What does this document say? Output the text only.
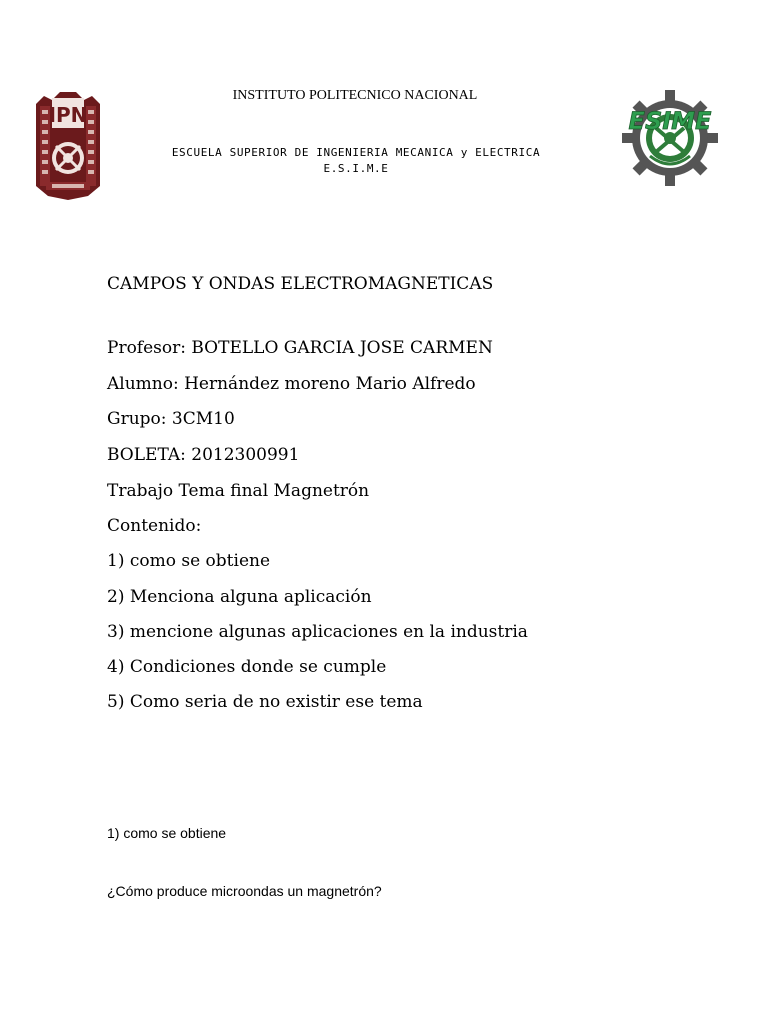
IPN	ESIME
INSTITUTO POLITECNICO NACIONAL
ESCUELA SUPERIOR DE INGENIERIA MECANICA y ELECTRICA
E.S.I.M.E
CAMPOS Y ONDAS ELECTROMAGNETICAS
Profesor: BOTELLO GARCIA JOSE CARMEN
Alumno: Hernández moreno Mario Alfredo
Grupo: 3CM10
BOLETA: 2012300991
Trabajo Tema final Magnetrón
Contenido:
1) como se obtiene
2) Menciona alguna aplicación
3) mencione algunas aplicaciones en la industria
4) Condiciones donde se cumple
5) Como seria de no existir ese tema
1) como se obtiene
¿Cómo produce microondas un magnetrón?
